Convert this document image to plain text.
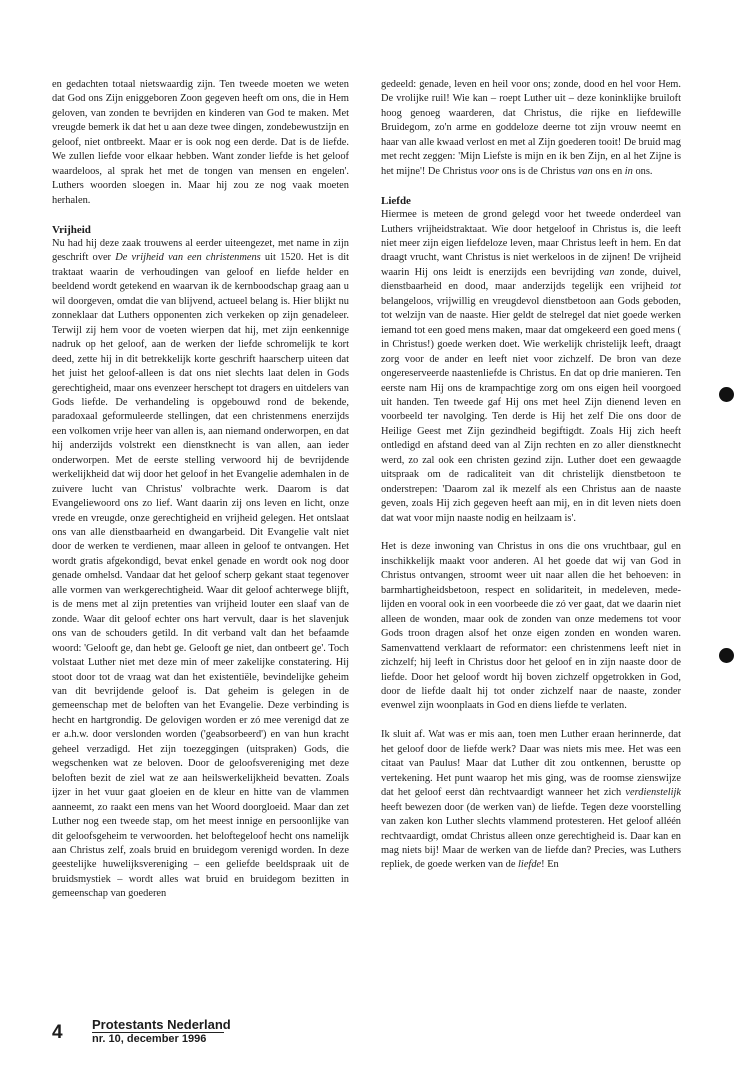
en gedachten totaal nietswaardig zijn. Ten tweede moeten we weten dat God ons Zijn eniggeboren Zoon gegeven heeft om ons, die in Hem geloven, van zonden te bevrijden en kinderen van God te maken. Met vreugde bemerk ik dat het u aan deze twee dingen, zondebewustzijn en geloof, niet ontbreekt. Maar er is ook nog een derde. Dat is de liefde. We zullen liefde voor elkaar hebben. Want zonder liefde is het geloof waardeloos, al sprak het met de tongen van mensen en engelen'. Luthers woorden sloegen in. Maar hij zou ze nog vaak moeten herhalen.

Vrijheid

Nu had hij deze zaak trouwens al eerder uiteengezet, met name in zijn geschrift over De vrijheid van een christenmens uit 1520. Het is dit traktaat waarin de verhoudingen van geloof en liefde helder en beeldend wordt getekend en waarvan ik de kernboodschap graag aan u wil doorgeven, omdat die van blijvend, actueel belang is. Hier blijkt nu zonneklaar dat Luthers opponenten zich verkeken op zijn genadeleer. Terwijl zij hem voor de voeten wierpen dat hij, met zijn eenkennige nadruk op het geloof, aan de werken der liefde schromelijk te kort deed, zette hij in dit betrekkelijk korte geschrift haarscherp uiteen dat het juist het geloof-alleen is dat ons niet slechts laat delen in Gods gerechtigheid, maar ons evenzeer herschept tot dragers en uitdelers van Gods liefde. De verhandeling is opgebouwd rond de bekende, paradoxaal geformuleerde stellingen, dat een christenmens enerzijds een volkomen vrije heer van allen is, aan niemand onderworpen, en dat hij anderzijds volstrekt een dienstknecht is van allen, aan ieder onderworpen. Met de eerste stelling verwoord hij de bevrijdende werkelijkheid dat wij door het geloof in het Evangelie ademhalen in de zuivere lucht van Christus' volbrachte werk. Daarom is dat Evangeliewoord ons zo lief. Want daarin zij ons leven en licht, onze vrede en vreugde, onze gerechtigheid en vrijheid gelegen. Het ontslaat ons van alle dienstbaarheid en dwangarbeid. Dit Evangelie valt niet door de werken te verdienen, maar alleen in geloof te ontvangen. Het wordt gratis afgekondigd, bevat enkel genade en wordt ook nog door genade omhelsd. Vandaar dat het geloof scherp gekant staat tegenover alle vormen van werkgerechtigheid. Waar dit geloof achterwege blijft, is de mens met al zijn pretenties van vrijheid louter een slaaf van de zonde. Waar dit geloof echter ons hart vervult, daar is het slavenjuk ons van de schouders getild. In dit verband valt dan het befaamde woord: 'Gelooft ge, dan hebt ge. Gelooft ge niet, dan ontbeert ge'. Toch volstaat Luther niet met deze min of meer zakelijke constatering. Hij stoot door tot de vraag wat dan het existentiële, bevindelijke geheim van dit bevrijdende geloof is. Dat geheim is gelegen in de gemeenschap met de beloften van het Evangelie. Deze verbinding is hecht en hartgrondig. De gelovigen worden er zó mee verenigd dat ze er a.h.w. door verslonden worden ('geabsorbeerd') en van hun kracht geheel verzadigd. Het zijn toezeggingen (uitspraken) Gods, die wegschenken wat ze beloven. Door de geloofsvereniging met deze beloften bezit de ziel wat ze aan heilswerkelijkheid bevatten. Zoals ijzer in het vuur gaat gloeien en de kleur en hitte van de vlammen aanneemt, zo raakt een mens van het Woord doorgloeid. Maar dan zet Luther nog een tweede stap, om het meest innige en persoonlijke van dit geloofsgeheim te verwoorden. het beloftegeloof hecht ons namelijk aan Christus zelf, zoals bruid en bruidegom verenigd worden. In deze geestelijke huwelijksvereniging – een geliefde beeldspraak uit de bruidsmystiek – wordt alles wat bruid en bruidegom bezitten in gemeenschap van goederen

gedeeld: genade, leven en heil voor ons; zonde, dood en hel voor Hem. De vrolijke ruil! Wie kan – roept Luther uit – deze koninklijke bruiloft hoog genoeg waarderen, dat Christus, die rijke en liefdewille Bruidegom, zo'n arme en goddeloze deerne tot zijn vrouw neemt en haar van alle kwaad verlost en met al Zijn goederen tooit! De bruid mag met recht zeggen: 'Mijn Liefste is mijn en ik ben Zijn, en al het Zijne is het mijne'! De Christus voor ons is de Christus van ons en in ons.

Liefde

Hiermee is meteen de grond gelegd voor het tweede onderdeel van Luthers vrijheidstraktaat. Wie door hetgeloof in Christus is, die leeft niet meer zijn eigen liefdeloze leven, maar Christus leeft in hem. En dat draagt vrucht, want Christus is niet werkeloos in de zijnen! De vrijheid waarin Hij ons leidt is enerzijds een bevrijding van zonde, duivel, dienstbaarheid en dood, maar anderzijds tegelijk een vrijheid tot belangeloos, vrijwillig en vreugdevol dienstbetoon aan Gods geboden, tot welzijn van de naaste. Hier geldt de stelregel dat niet goede werken iemand tot een goed mens maken, maar dat omgekeerd een goed mens ( in Christus!) goede werken doet. Wie werkelijk christelijk leeft, draagt zorg voor de ander en leeft niet voor zichzelf. De bron van deze ongereserveerde naastenliefde is Christus. En dat op drie manieren. Ten eerste nam Hij ons de krampachtige zorg om ons eigen heil voorgoed uit handen. Ten tweede gaf Hij ons met heel Zijn dienend leven en voorbeeld ter navolging. Ten derde is Hij het zelf Die ons door de Heilige Geest met Zijn gezindheid begiftigdt. Zoals Hij zich heeft ontledigd en afstand deed van al Zijn rechten en zo aller dienstknecht werd, zo zal ook een christen gezind zijn. Luther doet een gewaagde uitspraak om de radicaliteit van dit christelijk dienstbetoon te onderstrepen: 'Daarom zal ik mezelf als een Christus aan de naaste geven, zoals Hij zich gegeven heeft aan mij, en in dit leven niets doen dat wat voor mijn naaste nodig en heilzaam is'.

Het is deze inwoning van Christus in ons die ons vruchtbaar, gul en inschikkelijk maakt voor anderen. Al het goede dat wij van God in Christus ontvangen, stroomt weer uit naar allen die het behoeven: in barmhartigheidsbetoon, respect en solidariteit, in medeleven, mede-lijden en vooral ook in een voorbeede die zó ver gaat, dat we daarin niet alleen de wonden, maar ook de zonden van onze medemens tot voor Gods troon dragen alsof het onze eigen zonden en wonden waren. Samenvattend verklaart de reformator: een christenmens leeft niet in zichzelf; hij leeft in Christus door het geloof en in zijn naaste door de liefde. Door het geloof wordt hij boven zichzelf opgetrokken in God, door de liefde daalt hij tot onder zichzelf naar de naaste, zonder evenwel zijn woonplaats in God en diens liefde te verlaten.

Ik sluit af. Wat was er mis aan, toen men Luther eraan herinnerde, dat het geloof door de liefde werk? Daar was niets mis mee. Het was een citaat van Paulus! Maar dat Luther dit zou ontkennen, berustte op vertekening. Het punt waarop het mis ging, was de roomse zienswijze dat het geloof eerst dàn rechtvaardigt wanneer het zich verdienstelijk heeft bewezen door (de werken van) de liefde. Tegen deze voorstelling van zaken kon Luther slechts vlammend protesteren. Het geloof alléén rechtvaardigt, omdat Christus alleen onze gerechtigheid is. Daar kan en mag niets bij! Maar de werken van de liefde dan? Precies, was Luthers repliek, de goede werken van de liefde! En

4 Protestants Nederland
nr. 10, december 1996
